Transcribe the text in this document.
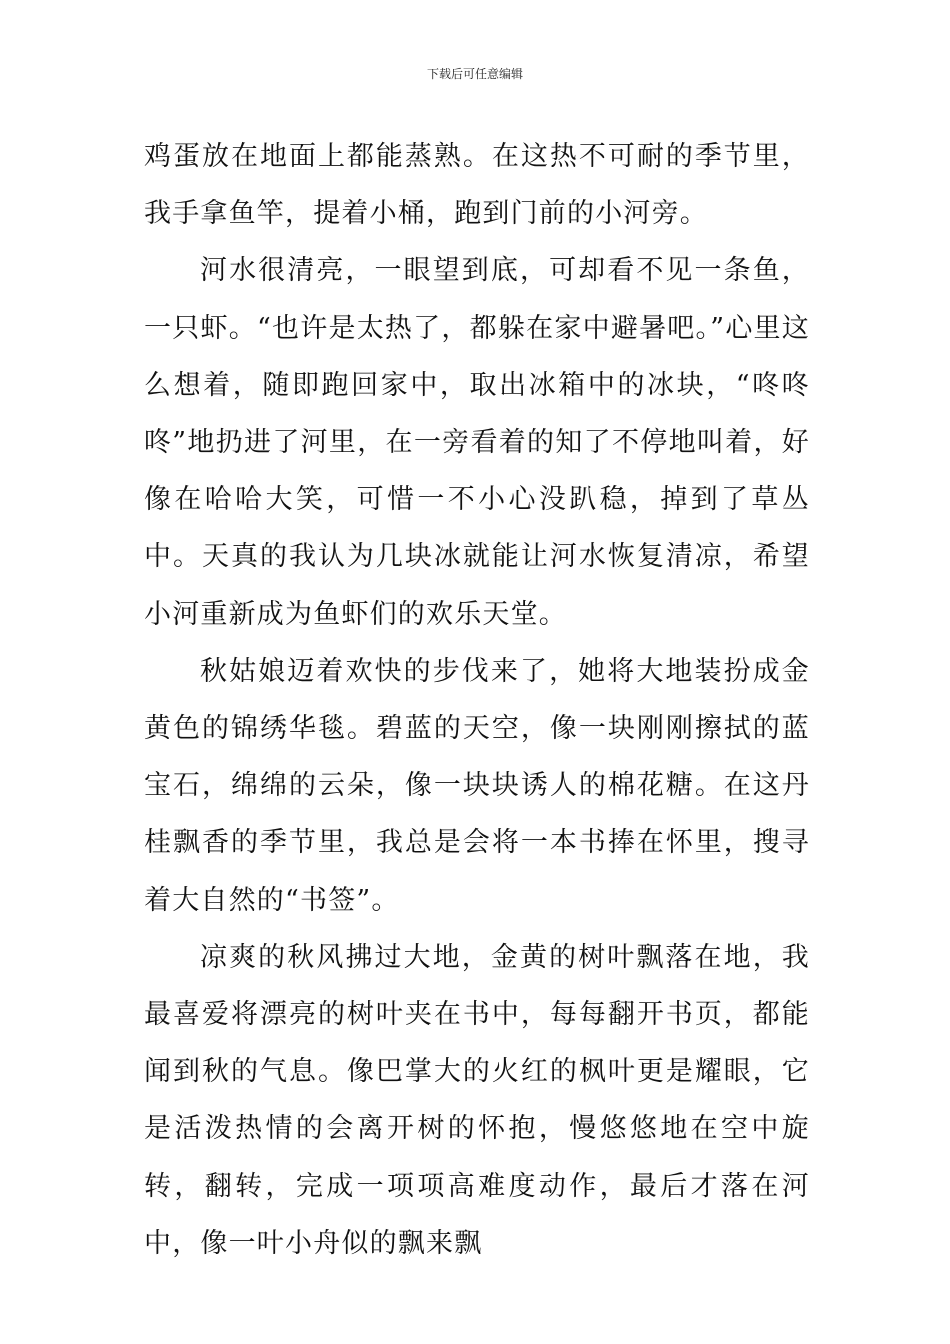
下载后可任意编辑

鸡蛋放在地面上都能蒸熟。在这热不可耐的季节里，我手拿鱼竿，提着小桶，跑到门前的小河旁。

河水很清亮，一眼望到底，可却看不见一条鱼，一只虾。“也许是太热了，都躲在家中避暑吧。”心里这么想着，随即跑回家中，取出冰箱中的冰块，“咚咚咚”地扔进了河里，在一旁看着的知了不停地叫着，好像在哈哈大笑，可惜一不小心没趴稳，掉到了草丛中。天真的我认为几块冰就能让河水恢复清凉，希望小河重新成为鱼虾们的欢乐天堂。

秋姑娘迈着欢快的步伐来了，她将大地装扮成金黄色的锦绣华毯。碧蓝的天空，像一块刚刚擦拭的蓝宝石，绵绵的云朵，像一块块诱人的棉花糖。在这丹桂飘香的季节里，我总是会将一本书捧在怀里，搜寻着大自然的“书签”。

凉爽的秋风拂过大地，金黄的树叶飘落在地，我最喜爱将漂亮的树叶夹在书中，每每翻开书页，都能闻到秋的气息。像巴掌大的火红的枫叶更是耀眼，它是活泼热情的会离开树的怀抱，慢悠悠地在空中旋转，翻转，完成一项项高难度动作，最后才落在河中，像一叶小舟似的飘来飘
